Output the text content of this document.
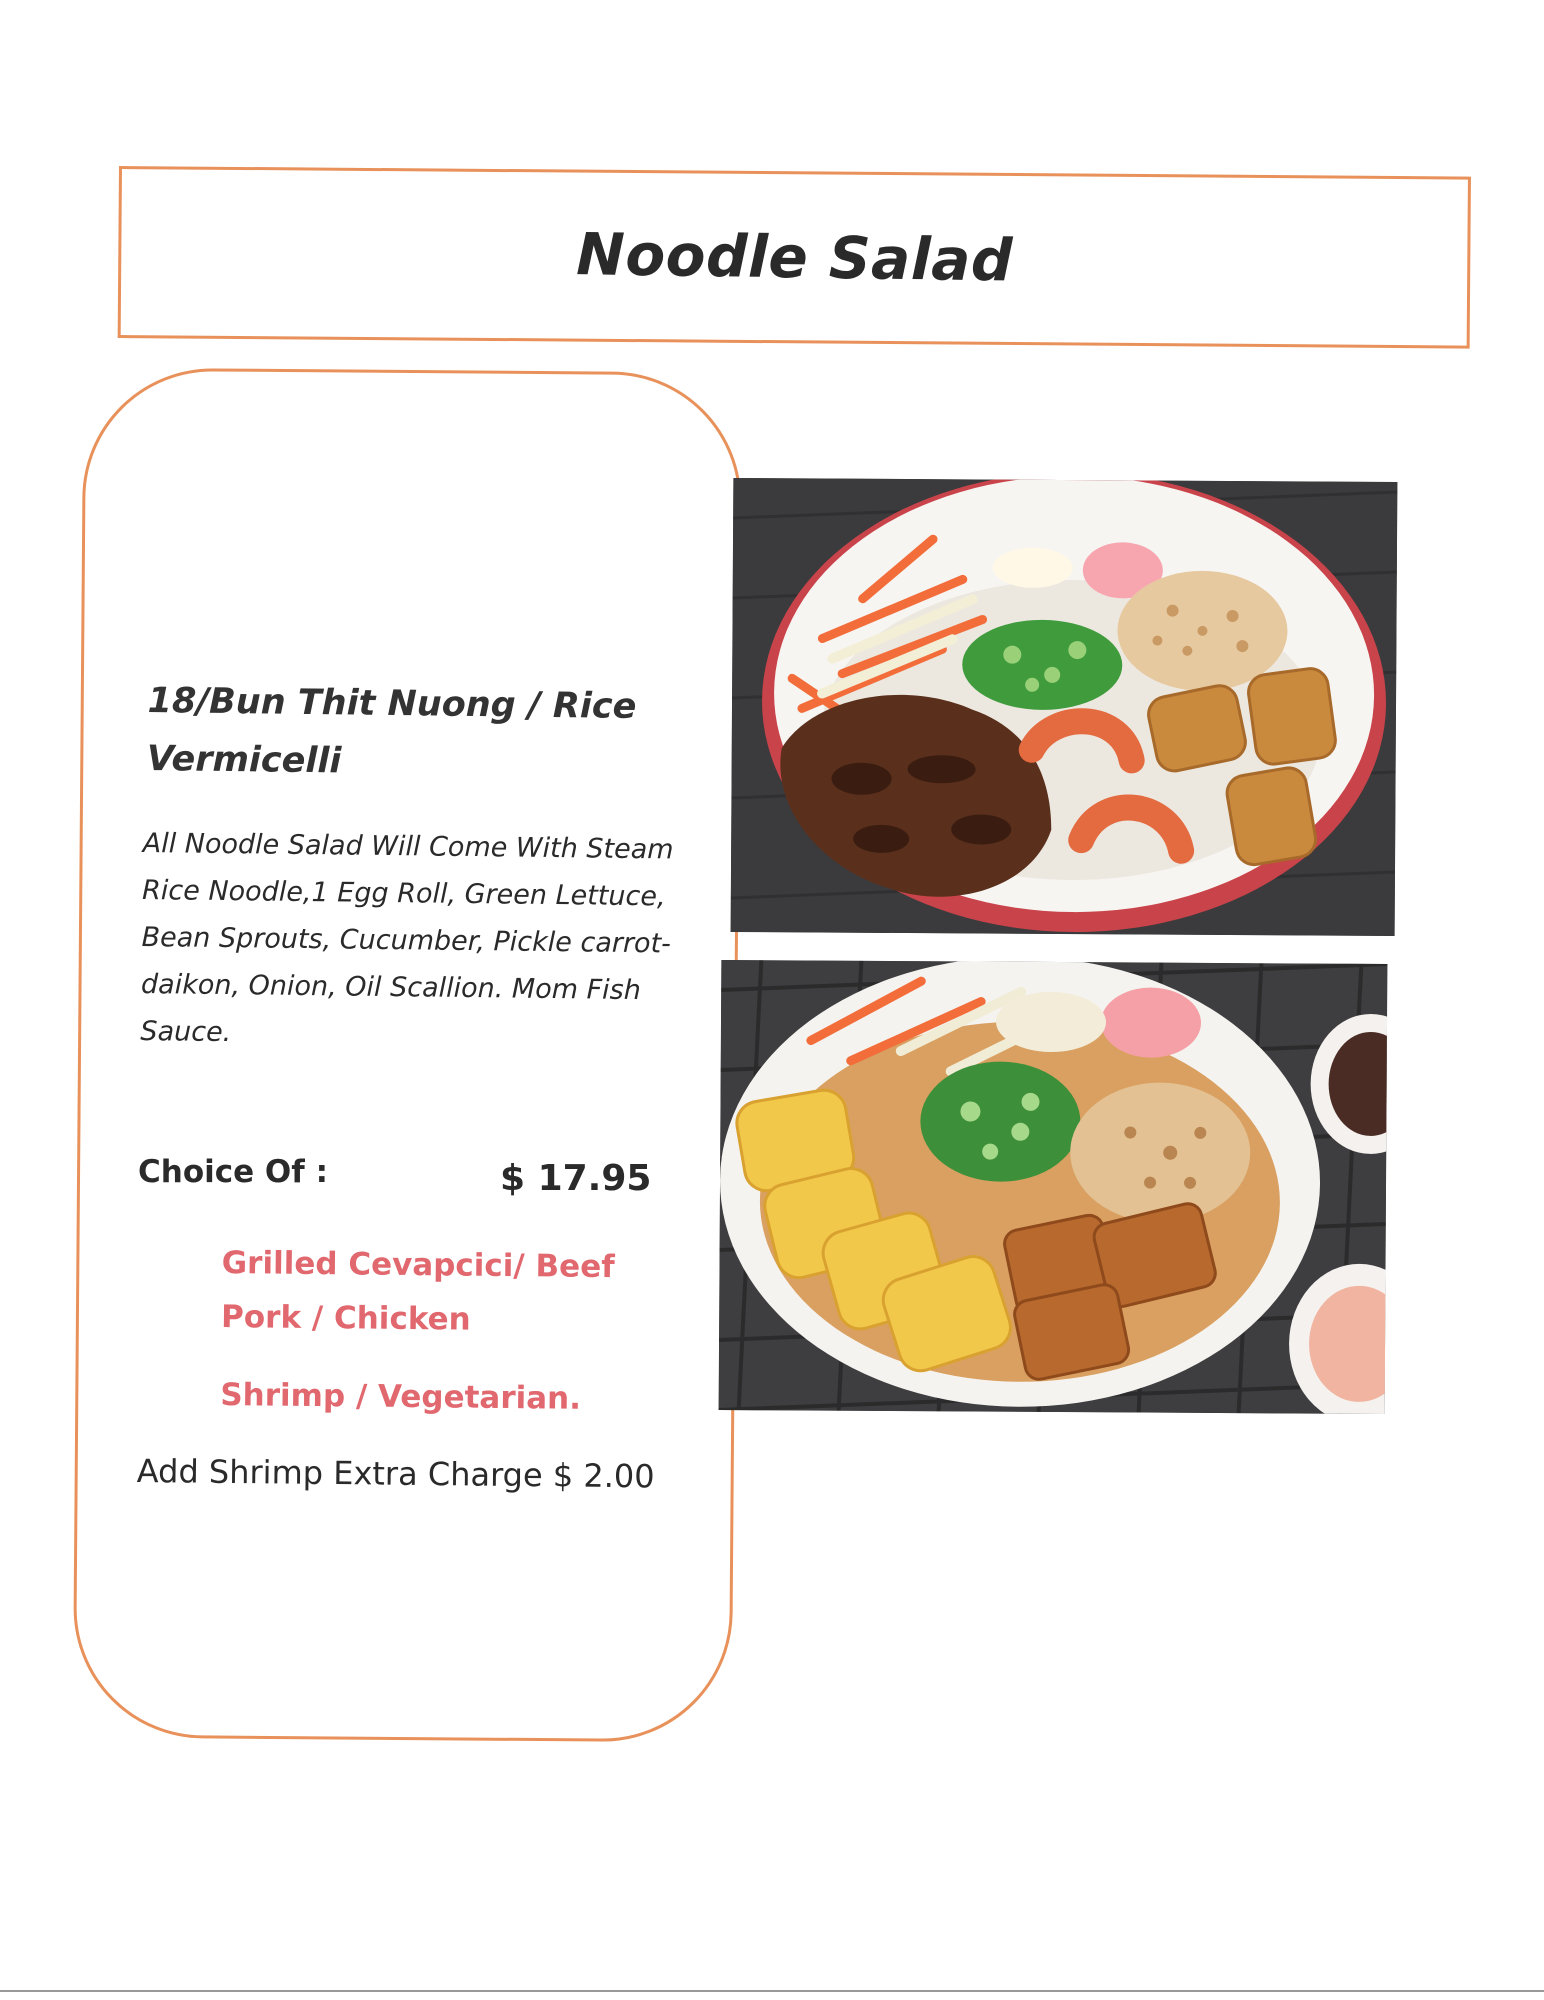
Noodle Salad
18/Bun Thit Nuong / Rice Vermicelli
All Noodle Salad Will Come With Steam Rice Noodle,1 Egg Roll, Green Lettuce, Bean Sprouts, Cucumber, Pickle carrot- daikon, Onion, Oil Scallion. Mom Fish Sauce.
Choice Of :	$ 17.95
Grilled Cevapcici/ Beef
Pork / Chicken
Shrimp / Vegetarian.
Add Shrimp Extra Charge $ 2.00
